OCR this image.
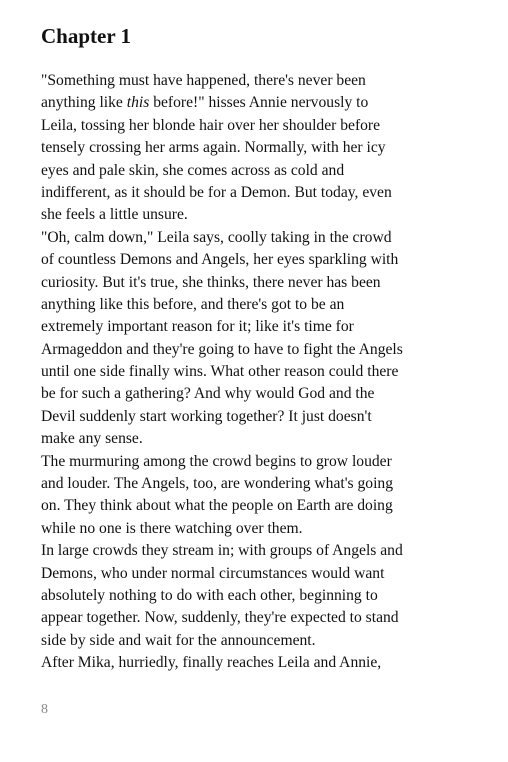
Chapter 1
"Something must have happened, there's never been
anything like this before!" hisses Annie nervously to
Leila, tossing her blonde hair over her shoulder before
tensely crossing her arms again. Normally, with her icy
eyes and pale skin, she comes across as cold and
indifferent, as it should be for a Demon. But today, even
she feels a little unsure.
"Oh, calm down," Leila says, coolly taking in the crowd
of countless Demons and Angels, her eyes sparkling with
curiosity. But it's true, she thinks, there never has been
anything like this before, and there's got to be an
extremely important reason for it; like it's time for
Armageddon and they're going to have to fight the Angels
until one side finally wins. What other reason could there
be for such a gathering? And why would God and the
Devil suddenly start working together? It just doesn't
make any sense.
The murmuring among the crowd begins to grow louder
and louder. The Angels, too, are wondering what's going
on. They think about what the people on Earth are doing
while no one is there watching over them.
In large crowds they stream in; with groups of Angels and
Demons, who under normal circumstances would want
absolutely nothing to do with each other, beginning to
appear together. Now, suddenly, they're expected to stand
side by side and wait for the announcement.
After Mika, hurriedly, finally reaches Leila and Annie,
8
